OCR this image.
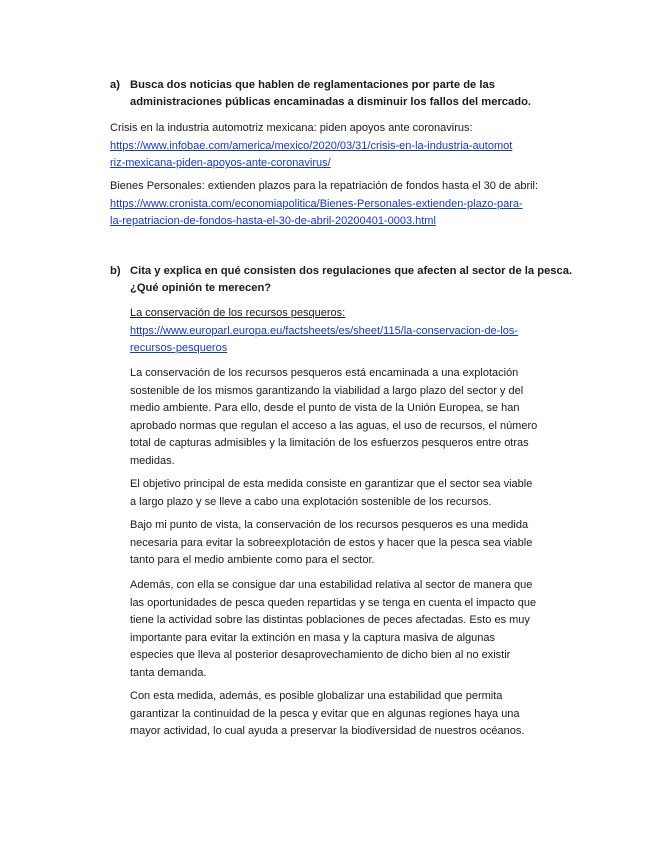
a) Busca dos noticias que hablen de reglamentaciones por parte de las
administraciones públicas encaminadas a disminuir los fallos del mercado.
Crisis en la industria automotriz mexicana: piden apoyos ante coronavirus:
https://www.infobae.com/america/mexico/2020/03/31/crisis-en-la-industria-automot
riz-mexicana-piden-apoyos-ante-coronavirus/
Bienes Personales: extienden plazos para la repatriación de fondos hasta el 30 de abril:
https://www.cronista.com/economiapolitica/Bienes-Personales-extienden-plazo-para-
la-repatriacion-de-fondos-hasta-el-30-de-abril-20200401-0003.html
b) Cita y explica en qué consisten dos regulaciones que afecten al sector de la pesca.
¿Qué opinión te merecen?
La conservación de los recursos pesqueros:
https://www.europarl.europa.eu/factsheets/es/sheet/115/la-conservacion-de-los-
recursos-pesqueros
La conservación de los recursos pesqueros está encaminada a una explotación
sostenible de los mismos garantizando la viabilidad a largo plazo del sector y del
medio ambiente. Para ello, desde el punto de vista de la Unión Europea, se han
aprobado normas que regulan el acceso a las aguas, el uso de recursos, el número
total de capturas admisibles y la limitación de los esfuerzos pesqueros entre otras
medidas.
El objetivo principal de esta medida consiste en garantizar que el sector sea viable
a largo plazo y se lleve a cabo una explotación sostenible de los recursos.
Bajo mi punto de vista, la conservación de los recursos pesqueros es una medida
necesaria para evitar la sobreexplotación de estos y hacer que la pesca sea viable
tanto para el medio ambiente como para el sector.
Además, con ella se consigue dar una estabilidad relativa al sector de manera que
las oportunidades de pesca queden repartidas y se tenga en cuenta el impacto que
tiene la actividad sobre las distintas poblaciones de peces afectadas. Esto es muy
importante para evitar la extinción en masa y la captura masiva de algunas
especies que lleva al posterior desaprovechamiento de dicho bien al no existir
tanta demanda.
Con esta medida, además, es posible globalizar una estabilidad que permita
garantizar la continuidad de la pesca y evitar que en algunas regiones haya una
mayor actividad, lo cual ayuda a preservar la biodiversidad de nuestros océanos.
